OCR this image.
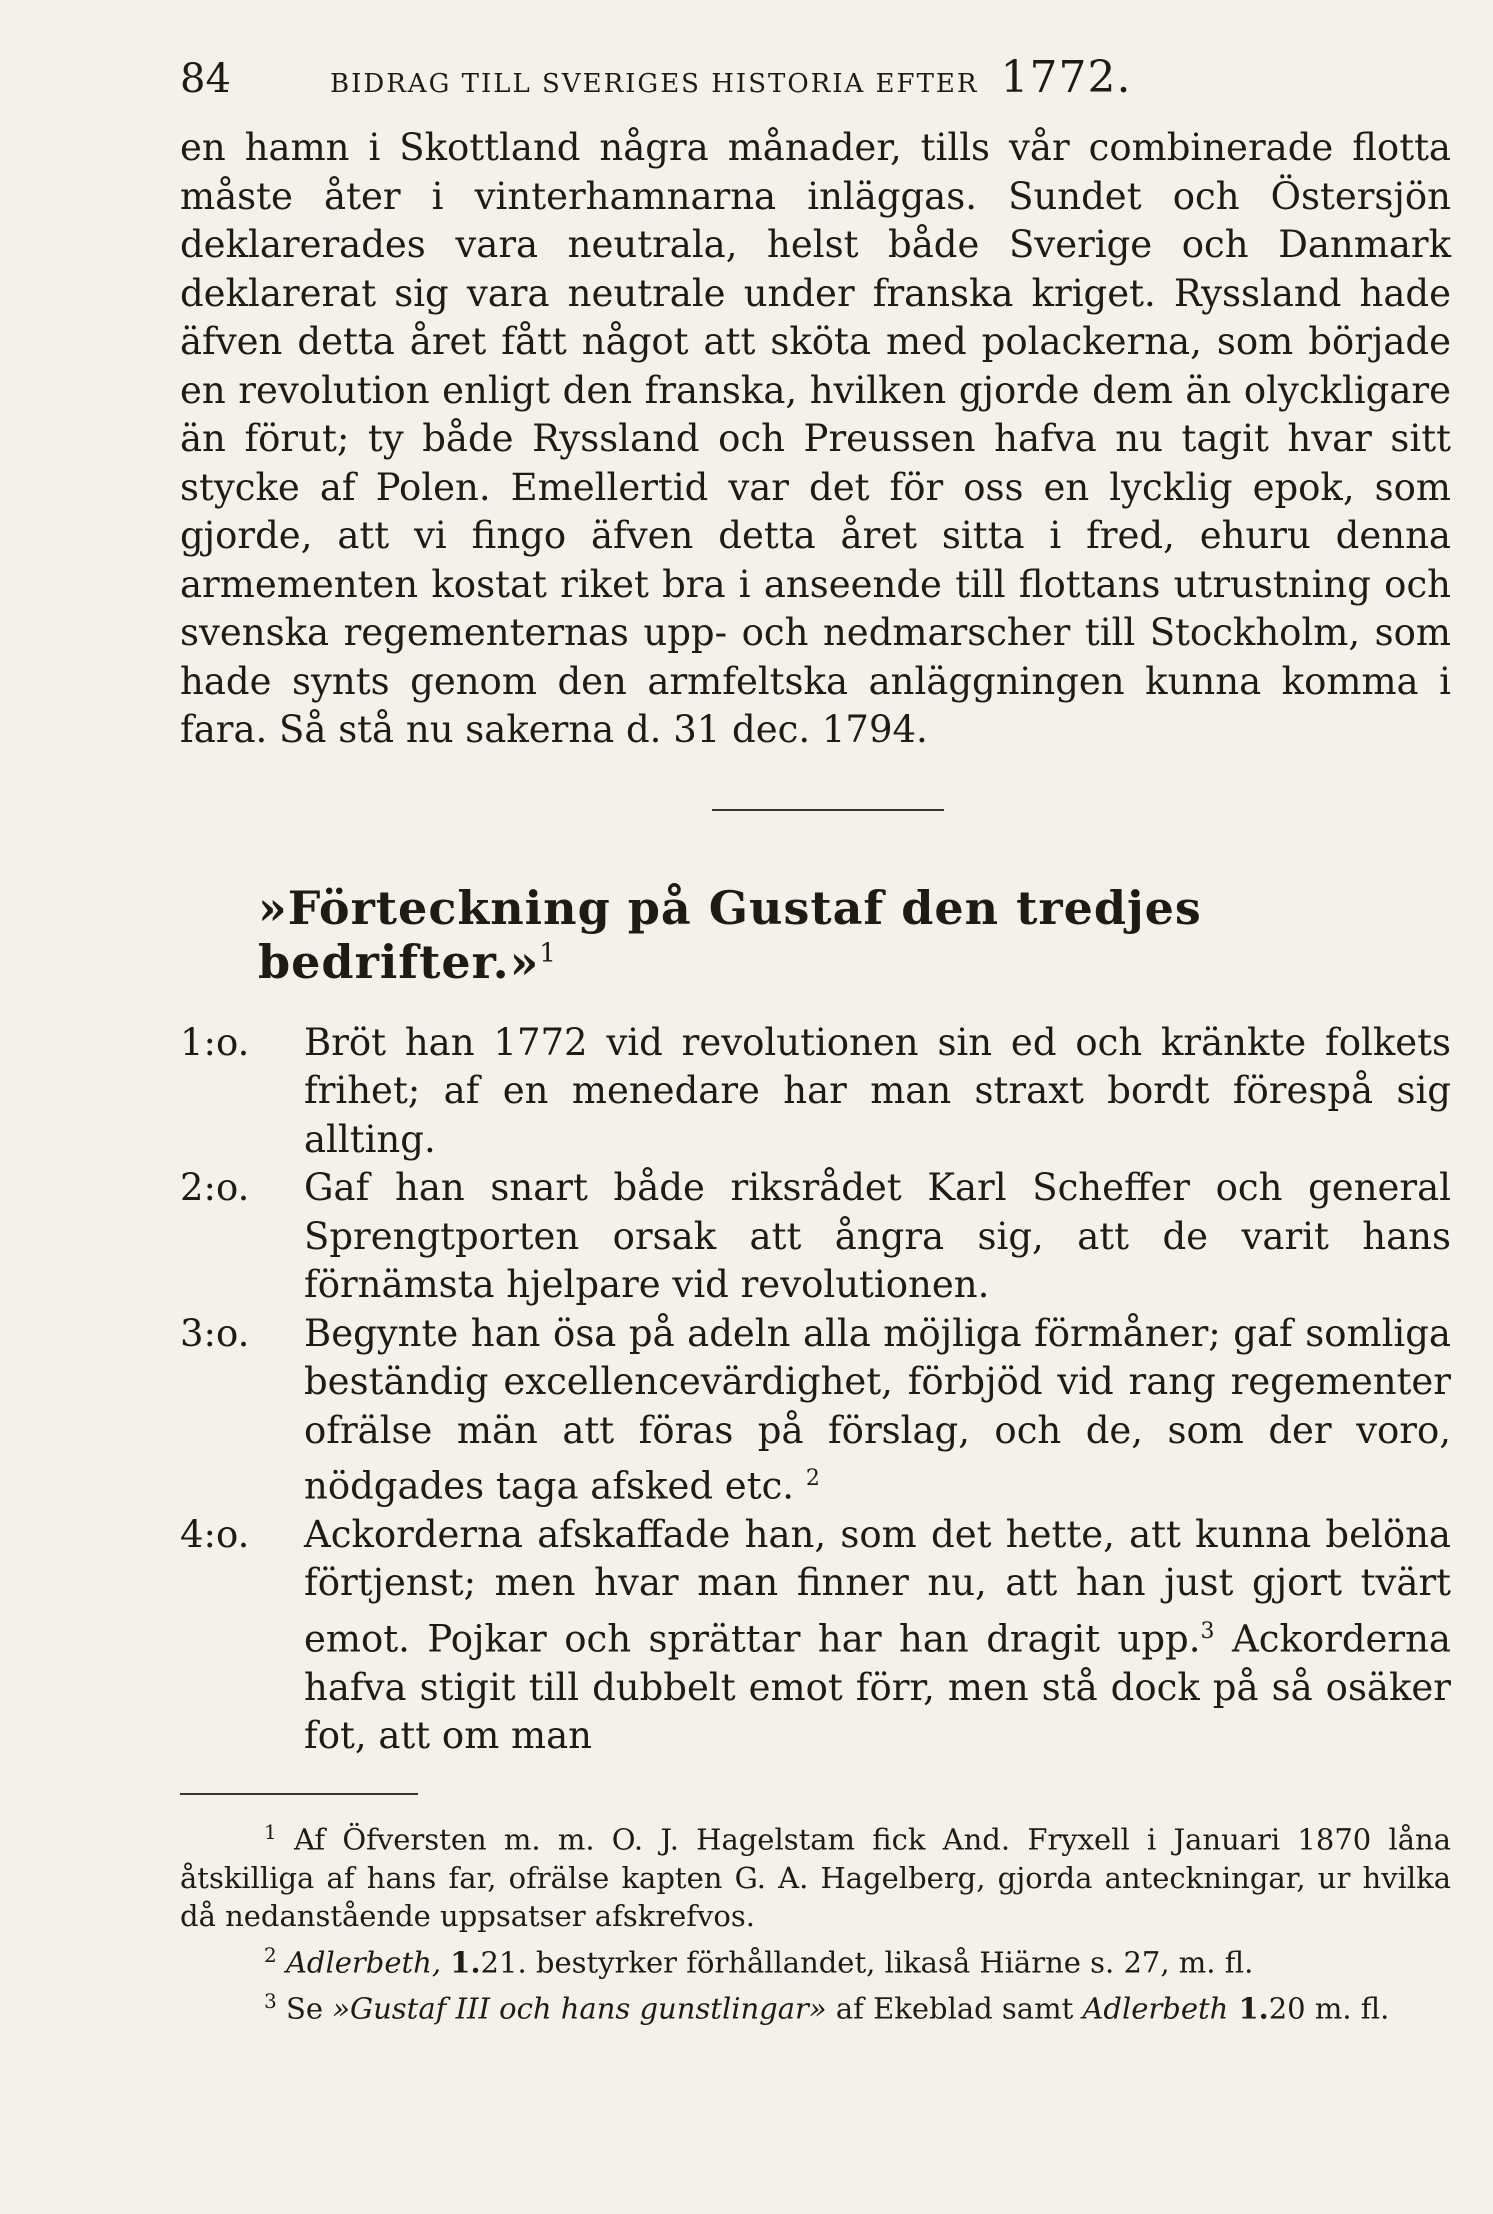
84	BIDRAG TILL SVERIGES HISTORIA EFTER 1772.

en hamn i Skottland några månader, tills vår combinerade flotta måste åter i vinterhamnarna inläggas. Sundet och Östersjön deklarerades vara neutrala, helst både Sverige och Danmark deklarerat sig vara neutrale under franska kriget. Ryssland hade äfven detta året fått något att sköta med polackerna, som började en revolution enligt den franska, hvilken gjorde dem än olyckligare än förut; ty både Ryssland och Preussen hafva nu tagit hvar sitt stycke af Polen. Emellertid var det för oss en lycklig epok, som gjorde, att vi fingo äfven detta året sitta i fred, ehuru denna armementen kostat riket bra i anseende till flottans utrustning och svenska regementernas upp- och nedmarscher till Stockholm, som hade synts genom den armfeltska anläggningen kunna komma i fara. Så stå nu sakerna d. 31 dec. 1794.

»Förteckning på Gustaf den tredjes bedrifter.»$^1$
1:o.	Bröt han 1772 vid revolutionen sin ed och kränkte folkets frihet; af en menedare har man straxt bordt förespå sig allting.

2:o.	Gaf han snart både riksrådet Karl Scheffer och general Sprengtporten orsak att ångra sig, att de varit hans förnämsta hjelpare vid revolutionen.

3:o.	Begynte han ösa på adeln alla möjliga förmåner; gaf somliga beständig excellencevärdighet, förbjöd vid rang regementer ofrälse män att föras på förslag, och de, som der voro, nödgades taga afsked etc. $^2$

4:o.	Ackorderna afskaffade han, som det hette, att kunna belöna förtjenst; men hvar man finner nu, att han just gjort tvärt emot. Pojkar och sprättar har han dragit upp.$^3$ Ackorderna hafva stigit till dubbelt emot förr, men stå dock på så osäker fot, att om man

$^1$ Af Öfversten m. m. O. J. Hagelstam fick And. Fryxell i Januari 1870 låna åtskilliga af hans far, ofrälse kapten G. A. Hagelberg, gjorda anteckningar, ur hvilka då nedanstående uppsatser afskrefvos.

$^2$ Adlerbeth, 1.21. bestyrker förhållandet, likaså Hiärne s. 27, m. fl.

$^3$ Se »Gustaf III och hans gunstlingar» af Ekeblad samt Adlerbeth 1.20 m. fl.
